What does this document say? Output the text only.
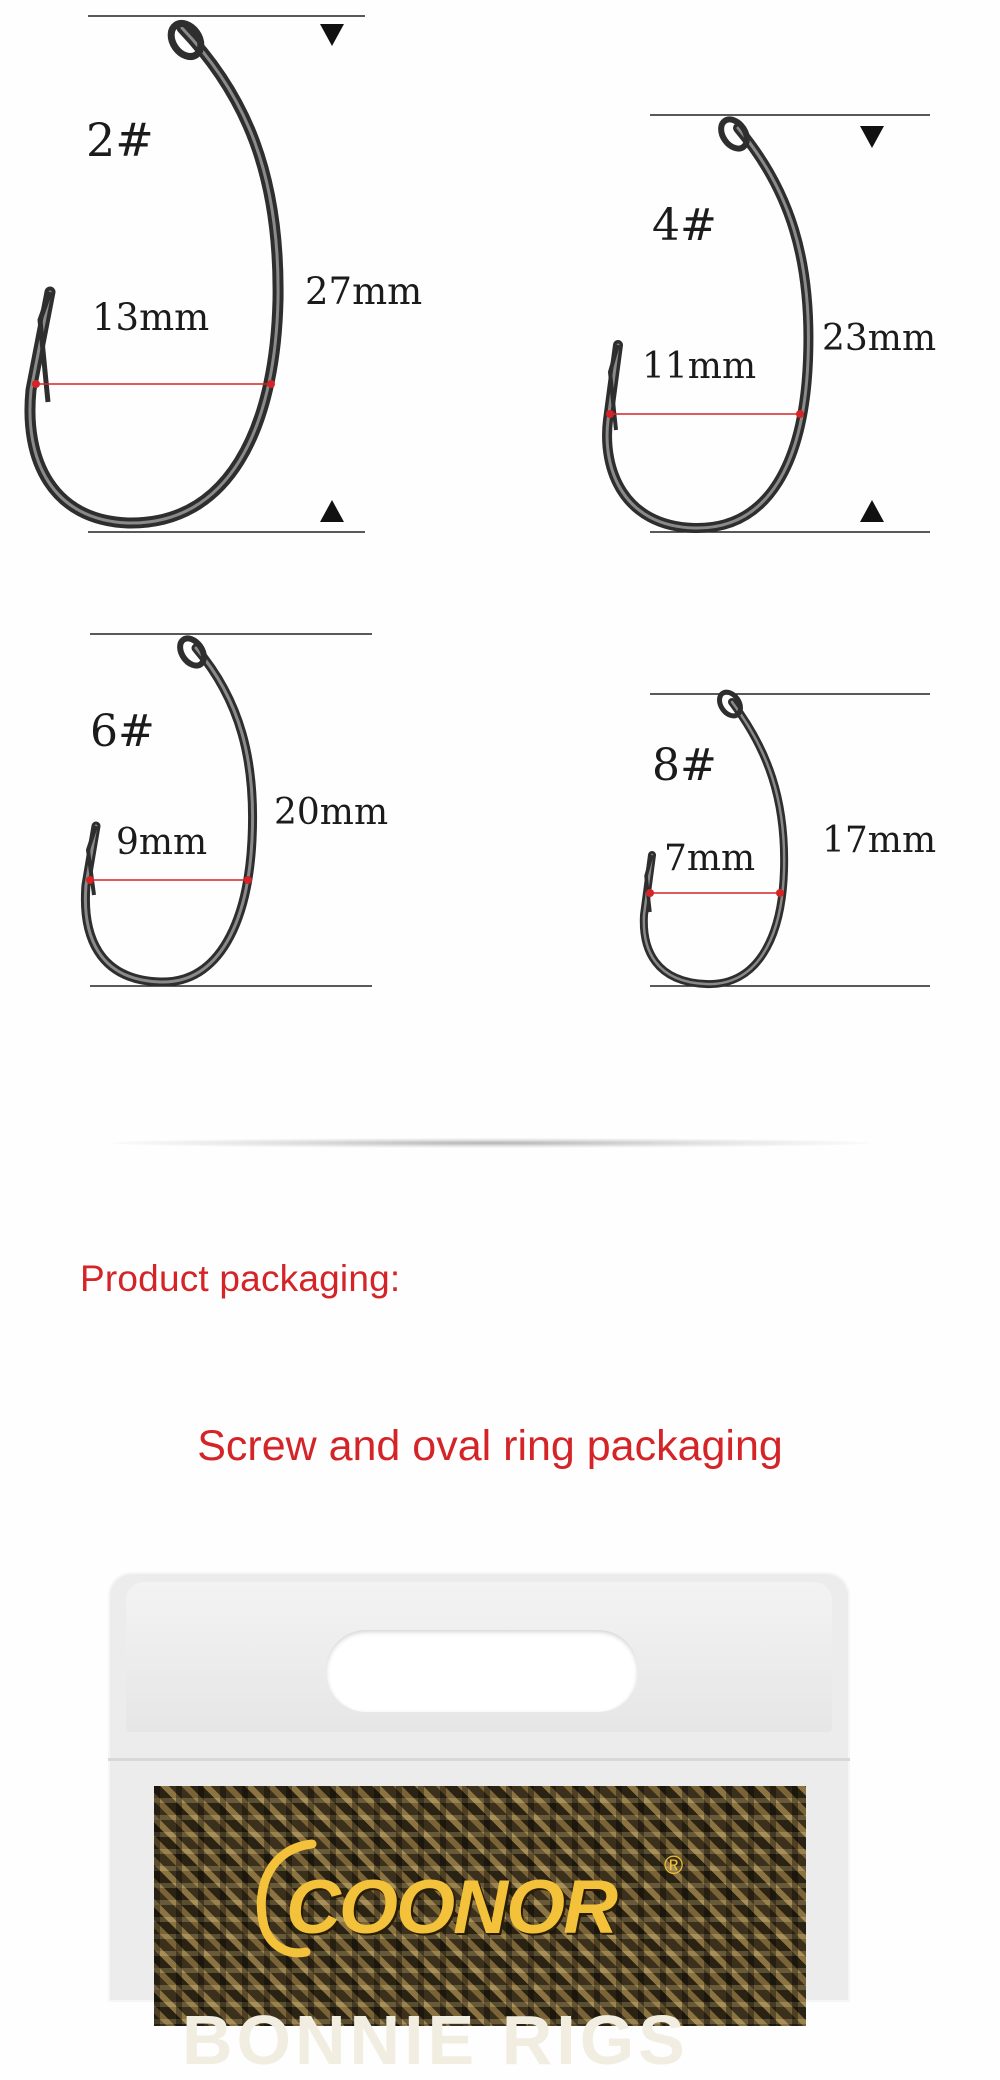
2#
13mm
27mm
4#
11mm
23mm
6#
9mm
20mm
8#
7mm 17mm
Product packaging:
Screw and oval ring packaging
COONOR ®
BONNIE RIGS
